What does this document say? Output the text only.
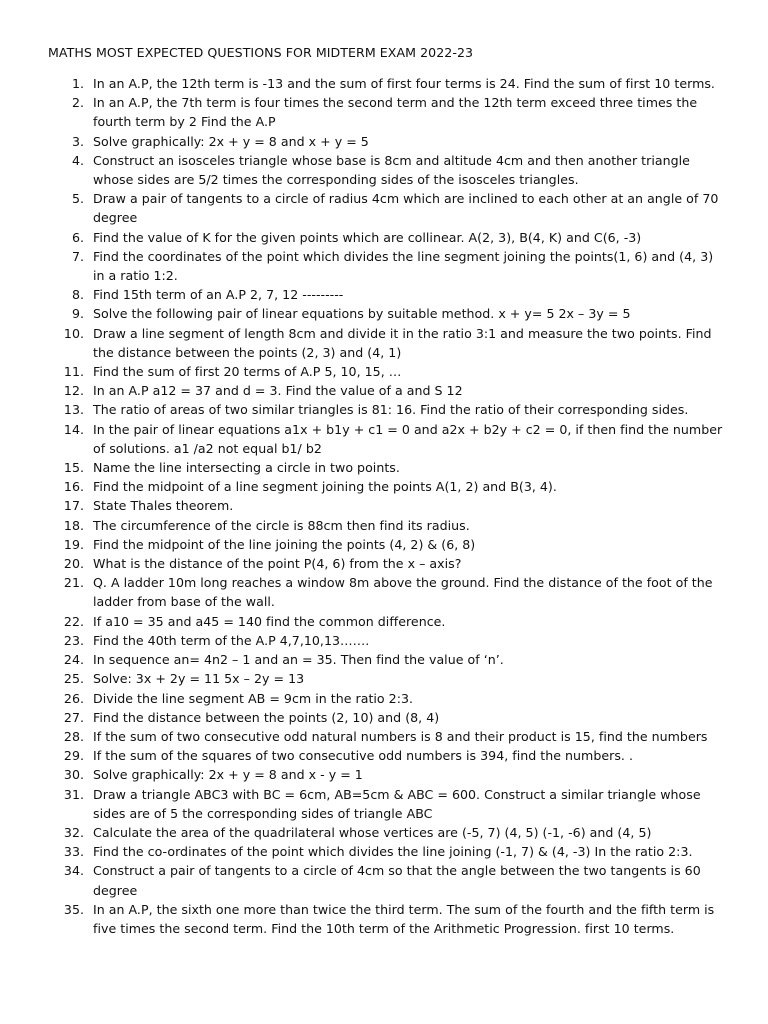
MATHS MOST EXPECTED QUESTIONS FOR MIDTERM EXAM 2022-23
1. In an A.P, the 12th term is -13 and the sum of first four terms is 24. Find the sum of first 10 terms.
2. In an A.P, the 7th term is four times the second term and the 12th term exceed three times the fourth term by 2 Find the A.P
3. Solve graphically: 2x + y = 8 and x + y = 5
4. Construct an isosceles triangle whose base is 8cm and altitude 4cm and then another triangle whose sides are 5/2 times the corresponding sides of the isosceles triangles.
5. Draw a pair of tangents to a circle of radius 4cm which are inclined to each other at an angle of 70 degree
6. Find the value of K for the given points which are collinear. A(2, 3), B(4, K) and C(6, -3)
7. Find the coordinates of the point which divides the line segment joining the points(1, 6) and (4, 3) in a ratio 1:2.
8. Find 15th term of an A.P 2, 7, 12 ---------
9. Solve the following pair of linear equations by suitable method. x + y= 5 2x – 3y = 5
10. Draw a line segment of length 8cm and divide it in the ratio 3:1 and measure the two points. Find the distance between the points (2, 3) and (4, 1)
11. Find the sum of first 20 terms of A.P 5, 10, 15, …
12. In an A.P a12 = 37 and d = 3. Find the value of a and S 12
13. The ratio of areas of two similar triangles is 81: 16. Find the ratio of their corresponding sides.
14. In the pair of linear equations a1x + b1y + c1 = 0 and a2x + b2y + c2 = 0, if then find the number of solutions. a1 /a2 not equal b1/ b2
15. Name the line intersecting a circle in two points.
16. Find the midpoint of a line segment joining the points A(1, 2) and B(3, 4).
17. State Thales theorem.
18. The circumference of the circle is 88cm then find its radius.
19. Find the midpoint of the line joining the points (4, 2) & (6, 8)
20. What is the distance of the point P(4, 6) from the x – axis?
21. Q. A ladder 10m long reaches a window 8m above the ground. Find the distance of the foot of the ladder from base of the wall.
22. If a10 = 35 and a45 = 140 find the common difference.
23. Find the 40th term of the A.P 4,7,10,13…….
24. In sequence an= 4n2 – 1 and an = 35. Then find the value of ‘n’.
25. Solve: 3x + 2y = 11 5x – 2y = 13
26. Divide the line segment AB = 9cm in the ratio 2:3.
27. Find the distance between the points (2, 10) and (8, 4)
28. If the sum of two consecutive odd natural numbers is 8 and their product is 15, find the numbers
29. If the sum of the squares of two consecutive odd numbers is 394, find the numbers. .
30. Solve graphically: 2x + y = 8 and x - y = 1
31. Draw a triangle ABC3 with BC = 6cm, AB=5cm & ABC = 600. Construct a similar triangle whose sides are of 5 the corresponding sides of triangle ABC
32. Calculate the area of the quadrilateral whose vertices are (-5, 7) (4, 5) (-1, -6) and (4, 5)
33. Find the co-ordinates of the point which divides the line joining (-1, 7) & (4, -3) In the ratio 2:3.
34. Construct a pair of tangents to a circle of 4cm so that the angle between the two tangents is 60 degree
35. In an A.P, the sixth one more than twice the third term. The sum of the fourth and the fifth term is five times the second term. Find the 10th term of the Arithmetic Progression. first 10 terms.
